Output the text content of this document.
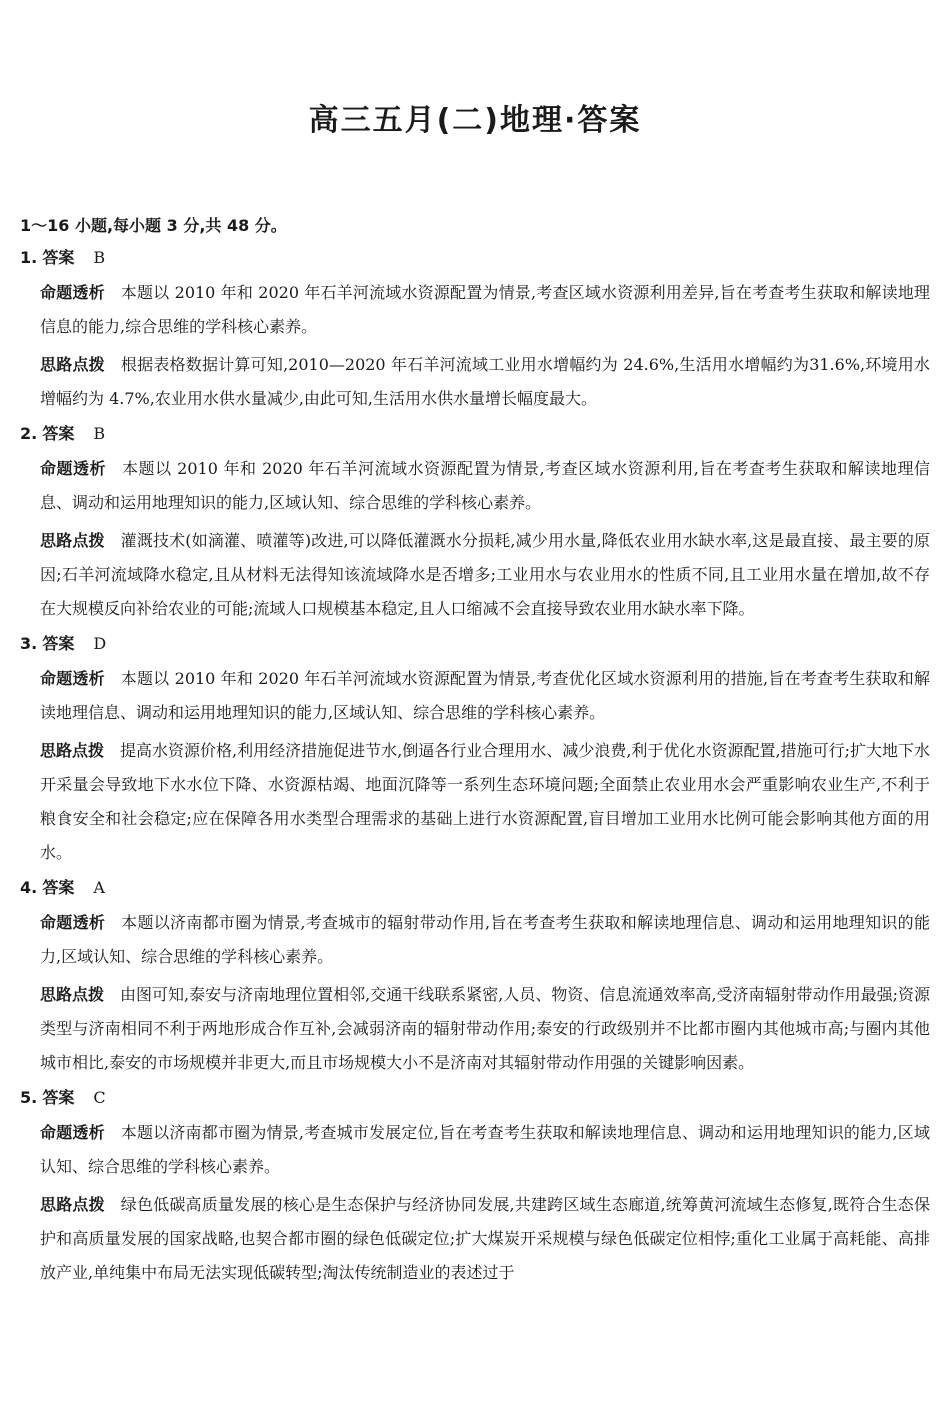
高三五月(二)地理·答案
1～16 小题,每小题 3 分,共 48 分。
1. 答案 B

命题透析 本题以 2010 年和 2020 年石羊河流域水资源配置为情景,考查区域水资源利用差异,旨在考查考生获取和解读地理信息的能力,综合思维的学科核心素养。

思路点拨 根据表格数据计算可知,2010—2020 年石羊河流域工业用水增幅约为 24.6%,生活用水增幅约为31.6%,环境用水增幅约为 4.7%,农业用水供水量减少,由此可知,生活用水供水量增长幅度最大。

2. 答案 B

命题透析 本题以 2010 年和 2020 年石羊河流域水资源配置为情景,考查区域水资源利用,旨在考查考生获取和解读地理信息、调动和运用地理知识的能力,区域认知、综合思维的学科核心素养。

思路点拨 灌溉技术(如滴灌、喷灌等)改进,可以降低灌溉水分损耗,减少用水量,降低农业用水缺水率,这是最直接、最主要的原因;石羊河流域降水稳定,且从材料无法得知该流域降水是否增多;工业用水与农业用水的性质不同,且工业用水量在增加,故不存在大规模反向补给农业的可能;流域人口规模基本稳定,且人口缩减不会直接导致农业用水缺水率下降。

3. 答案 D

命题透析 本题以 2010 年和 2020 年石羊河流域水资源配置为情景,考查优化区域水资源利用的措施,旨在考查考生获取和解读地理信息、调动和运用地理知识的能力,区域认知、综合思维的学科核心素养。

思路点拨 提高水资源价格,利用经济措施促进节水,倒逼各行业合理用水、减少浪费,利于优化水资源配置,措施可行;扩大地下水开采量会导致地下水水位下降、水资源枯竭、地面沉降等一系列生态环境问题;全面禁止农业用水会严重影响农业生产,不利于粮食安全和社会稳定;应在保障各用水类型合理需求的基础上进行水资源配置,盲目增加工业用水比例可能会影响其他方面的用水。

4. 答案 A

命题透析 本题以济南都市圈为情景,考查城市的辐射带动作用,旨在考查考生获取和解读地理信息、调动和运用地理知识的能力,区域认知、综合思维的学科核心素养。

思路点拨 由图可知,泰安与济南地理位置相邻,交通干线联系紧密,人员、物资、信息流通效率高,受济南辐射带动作用最强;资源类型与济南相同不利于两地形成合作互补,会减弱济南的辐射带动作用;泰安的行政级别并不比都市圈内其他城市高;与圈内其他城市相比,泰安的市场规模并非更大,而且市场规模大小不是济南对其辐射带动作用强的关键影响因素。

5. 答案 C

命题透析 本题以济南都市圈为情景,考查城市发展定位,旨在考查考生获取和解读地理信息、调动和运用地理知识的能力,区域认知、综合思维的学科核心素养。

思路点拨 绿色低碳高质量发展的核心是生态保护与经济协同发展,共建跨区域生态廊道,统筹黄河流域生态修复,既符合生态保护和高质量发展的国家战略,也契合都市圈的绿色低碳定位;扩大煤炭开采规模与绿色低碳定位相悖;重化工业属于高耗能、高排放产业,单纯集中布局无法实现低碳转型;淘汰传统制造业的表述过于
